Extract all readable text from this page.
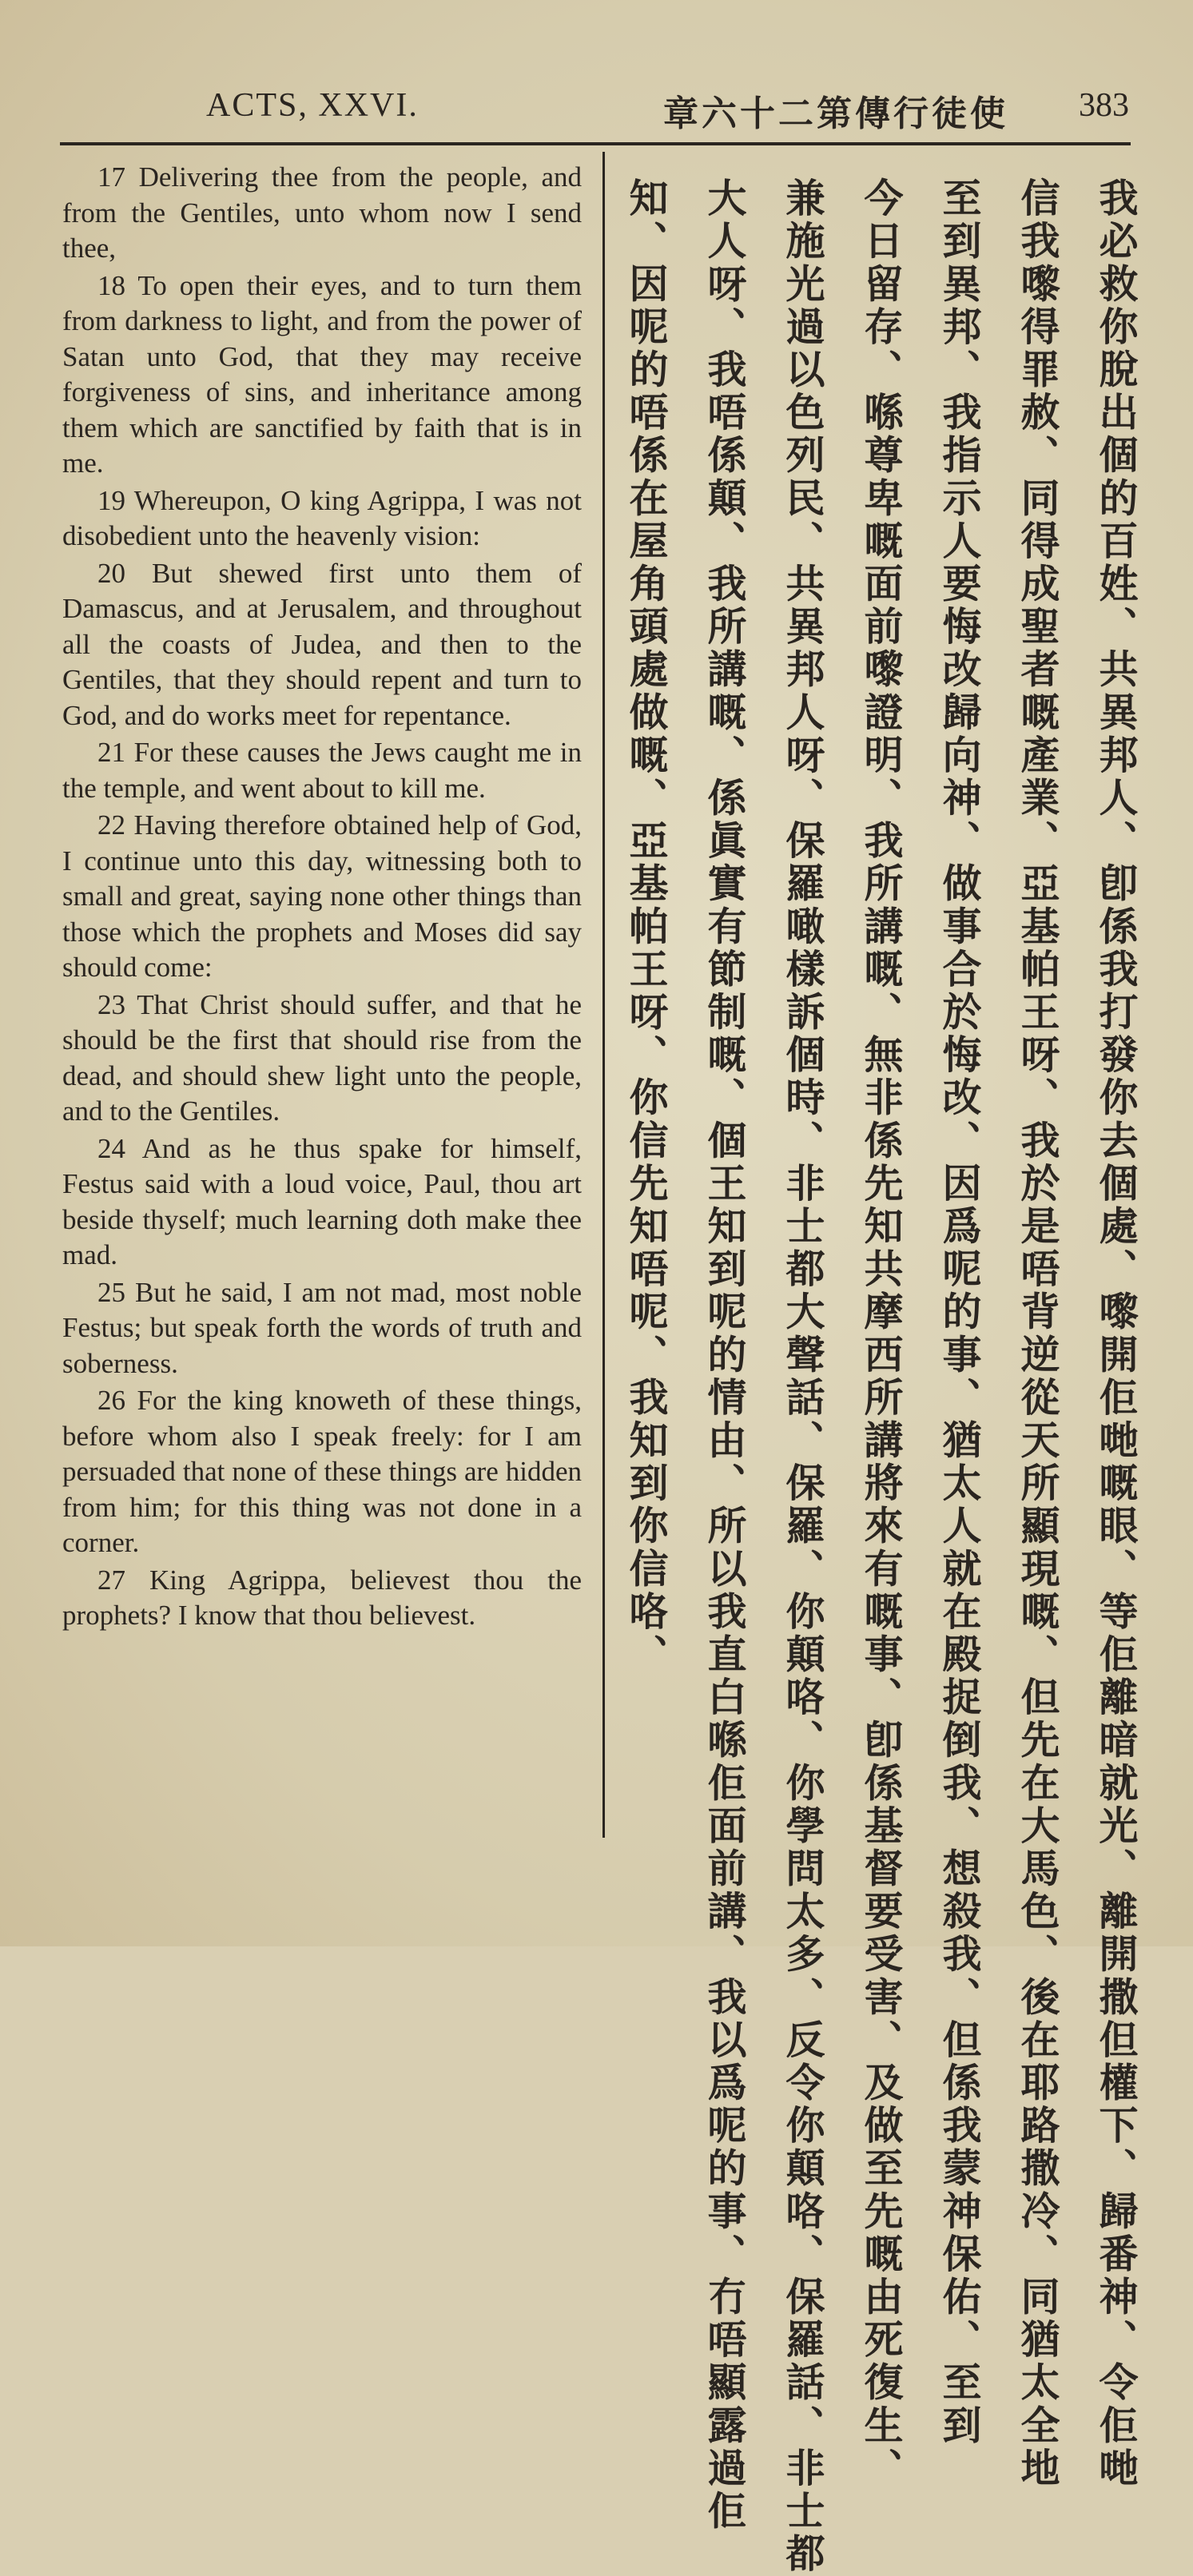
ACTS, XXVI.	章六十二第傳行徒使 383

17 Delivering thee from the people, and from the Gentiles, unto whom now I send thee,

18 To open their eyes, and to turn them from darkness to light, and from the power of Satan unto God, that they may receive forgiveness of sins, and inheritance among them which are sanctified by faith that is in me.

19 Whereupon, O king Agrippa, I was not disobedient unto the heavenly vision:

20 But shewed first unto them of Damascus, and at Jerusalem, and throughout all the coasts of Judea, and then to the Gentiles, that they should repent and turn to God, and do works meet for repentance.

21 For these causes the Jews caught me in the temple, and went about to kill me.

22 Having therefore obtained help of God, I continue unto this day, witnessing both to small and great, saying none other things than those which the prophets and Moses did say should come:

23 That Christ should suffer, and that he should be the first that should rise from the dead, and should shew light unto the people, and to the Gentiles.

24 And as he thus spake for himself, Festus said with a loud voice, Paul, thou art beside thyself; much learning doth make thee mad.

25 But he said, I am not mad, most noble Festus; but speak forth the words of truth and soberness.

26 For the king knoweth of these things, before whom also I speak freely: for I am persuaded that none of these things are hidden from him; for this thing was not done in a corner.

27 King Agrippa, believest thou the prophets? I know that thou believest.	我必救你脫出個的百姓、共異邦人、卽係我打發你去個處、嚟開佢哋嘅眼、等佢離暗就光、離開撒但權下、歸番神、令佢哋
信我嚟得罪赦、同得成聖者嘅產業、亞基帕王呀、我於是唔背逆從天所顯現嘅、但先在大馬色、後在耶路撒冷、同猶太全地
至到異邦、我指示人要悔改歸向神、做事合於悔改、因爲呢的事、猶太人就在殿捉倒我、想殺我、但係我蒙神保佑、至到
今日留存、喺尊卑嘅面前嚟證明、我所講嘅、無非係先知共摩西所講將來有嘅事、卽係基督要受害、及做至先嘅由死復生、
兼施光過以色列民、共異邦人呀、保羅噉樣訴個時、非士都大聲話、保羅、你顛咯、你學問太多、反令你顛咯、保羅話、非士都
大人呀、我唔係顛、我所講嘅、係眞實有節制嘅、個王知到呢的情由、所以我直白喺佢面前講、我以爲呢的事、冇唔顯露過佢
知、因呢的唔係在屋角頭處做嘅、亞基帕王呀、你信先知唔呢、我知到你信咯、
